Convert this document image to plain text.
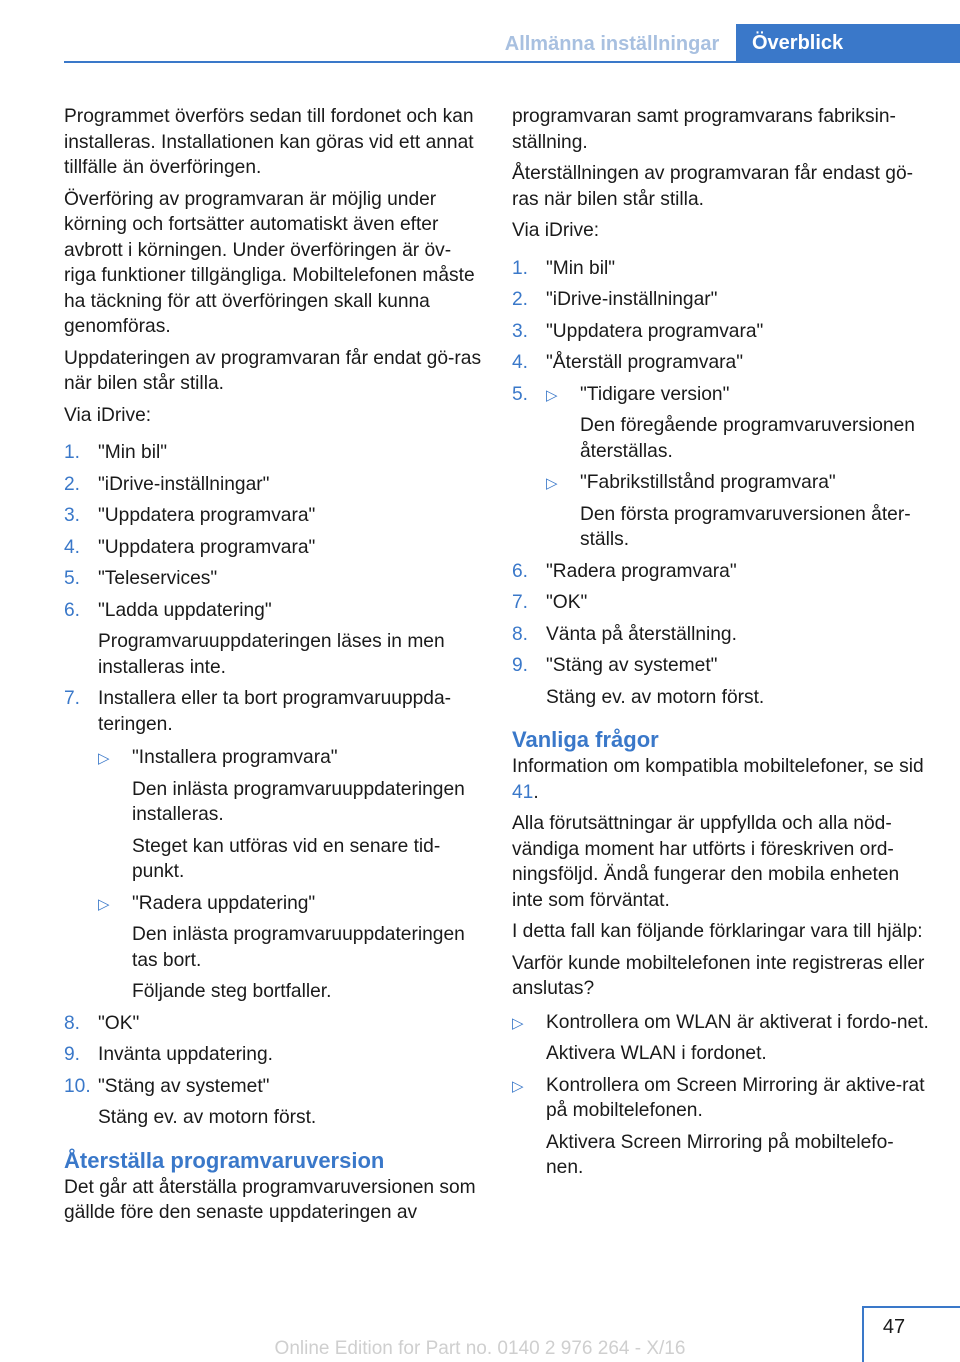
Allmänna inställningar	Överblick
Programmet överförs sedan till fordonet och kan installeras. Installationen kan göras vid ett annat tillfälle än överföringen.
Överföring av programvaran är möjlig under körning och fortsätter automatiskt även efter avbrott i körningen. Under överföringen är öv-riga funktioner tillgängliga. Mobiltelefonen måste ha täckning för att överföringen skall kunna genomföras.
Uppdateringen av programvaran får endat gö-ras när bilen står stilla.
Via iDrive:
1. "Min bil"
2. "iDrive-inställningar"
3. "Uppdatera programvara"
4. "Uppdatera programvara"
5. "Teleservices"
6. "Ladda uppdatering"
Programvaruuppdateringen läses in men installeras inte.
7. Installera eller ta bort programvaruuppda-teringen.
▷ "Installera programvara"
Den inlästa programvaruuppdateringen installeras.
Steget kan utföras vid en senare tid-punkt.
▷ "Radera uppdatering"
Den inlästa programvaruuppdateringen tas bort.
Följande steg bortfaller.
8. "OK"
9. Invänta uppdatering.
10. "Stäng av systemet"
Stäng ev. av motorn först.
Återställa programvaruversion
Det går att återställa programvaruversionen som gällde före den senaste uppdateringen av
programvaran samt programvarans fabriksin-ställning.
Återställningen av programvaran får endast gö-ras när bilen står stilla.
Via iDrive:
1. "Min bil"
2. "iDrive-inställningar"
3. "Uppdatera programvara"
4. "Återställ programvara"
5. ▷ "Tidigare version"
Den föregående programvaruversionen återställas.
▷ "Fabrikstillstånd programvara"
Den första programvaruversionen åter-ställs.
6. "Radera programvara"
7. "OK"
8. Vänta på återställning.
9. "Stäng av systemet"
Stäng ev. av motorn först.
Vanliga frågor
Information om kompatibla mobiltelefoner, se sid 41.
Alla förutsättningar är uppfyllda och alla nöd-vändiga moment har utförts i föreskriven ord-ningsföljd. Ändå fungerar den mobila enheten inte som förväntat.
I detta fall kan följande förklaringar vara till hjälp:
Varför kunde mobiltelefonen inte registreras eller anslutas?
▷ Kontrollera om WLAN är aktiverat i fordo-net.
Aktivera WLAN i fordonet.
▷ Kontrollera om Screen Mirroring är aktive-rat på mobiltelefonen.
Aktivera Screen Mirroring på mobiltelefo-nen.
47
Online Edition for Part no. 0140 2 976 264 - X/16
